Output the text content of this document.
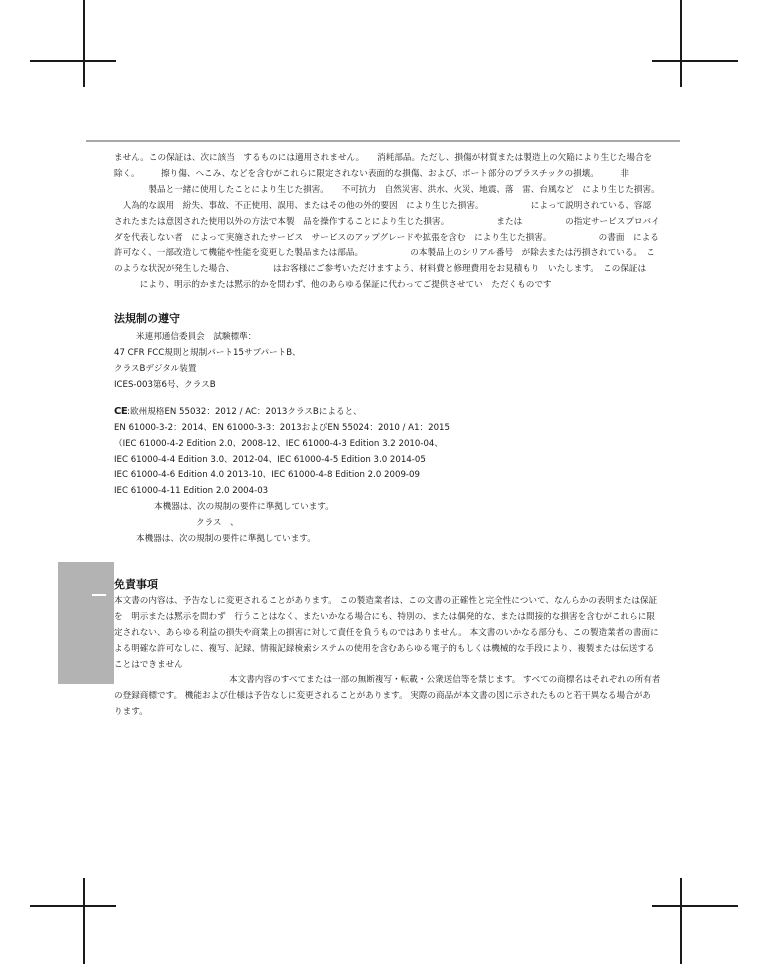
ません。この保証は、次に該当　するものには適用されません。　　消耗部品。ただし、損傷が材質または製造上の欠陥により生じた場合を
除く。　　　擦り傷、へこみ、などを含むがこれらに限定されない表面的な損傷、および、ポート部分のプラスチックの損壊。　　　非
　　　　製品と一緒に使用したことにより生じた損害。　　不可抗力　自然災害、洪水、火災、地震、落　雷、台風など　により生じた損害。
　人為的な誤用　紛失、事故、不正使用、誤用、またはその他の外的要因　により生じた損害。　　　　　　によって説明されている、容認
されたまたは意図された使用以外の方法で本製　品を操作することにより生じた損害。　　　　　　または　　　　　の指定サービスプロバイ
ダを代表しない者　によって実施されたサービス　サービスのアップグレードや拡張を含む　により生じた損害。　　　　　　の書面　による
許可なく、一部改造して機能や性能を変更した製品または部品。　　　　　　の本製品上のシリアル番号　が除去または汚損されている。　こ
のような状況が発生した場合、　　　　　はお客様にご参考いただけますよう、材料費と修理費用をお見積もり　いたします。　この保証は
　　　により、明示的かまたは黙示的かを問わず、他のあらゆる保証に代わってご提供させてい　ただくものです
法規制の遵守
米連邦通信委員会　試験標準：
47 CFR FCC規則と規制パート15サブパートB、
クラスBデジタル装置
ICES-003第6号、クラスB
CE:欧州規格EN 55032：2012 / AC：2013クラスBによると、
EN 61000-3-2：2014、EN 61000-3-3：2013およびEN 55024：2010 / A1：2015
（IEC 61000-4-2 Edition 2.0、2008-12、IEC 61000-4-3 Edition 3.2 2010-04、
IEC 61000-4-4 Edition 3.0、2012-04、IEC 61000-4-5 Edition 3.0 2014-05
IEC 61000-4-6 Edition 4.0 2013-10、IEC 61000-4-8 Edition 2.0 2009-09
IEC 61000-4-11 Edition 2.0 2004-03
本機器は、次の規制の要件に準拠しています。
クラス　、
本機器は、次の規制の要件に準拠しています。
免責事項
本文書の内容は、予告なしに変更されることがあります。 この製造業者は、この文書の正確性と完全性について、なんらかの表明または保証
を　明示または黙示を問わず　行うことはなく、またいかなる場合にも、特別の、または偶発的な、または間接的な損害を含むがこれらに限
定されない、あらゆる利益の損失や商業上の損害に対して責任を負うものではありません。 本文書のいかなる部分も、この製造業者の書面に
よる明確な許可なしに、複写、記録、情報記録検索システムの使用を含むあらゆる電子的もしくは機械的な手段により、複製または伝送する
ことはできません
本文書内容のすべてまたは一部の無断複写・転載・公衆送信等を禁じます。 すべての商標名はそれぞれの所有者
の登録商標です。 機能および仕様は予告なしに変更されることがあります。 実際の商品が本文書の図に示されたものと若干異なる場合があ
ります。
